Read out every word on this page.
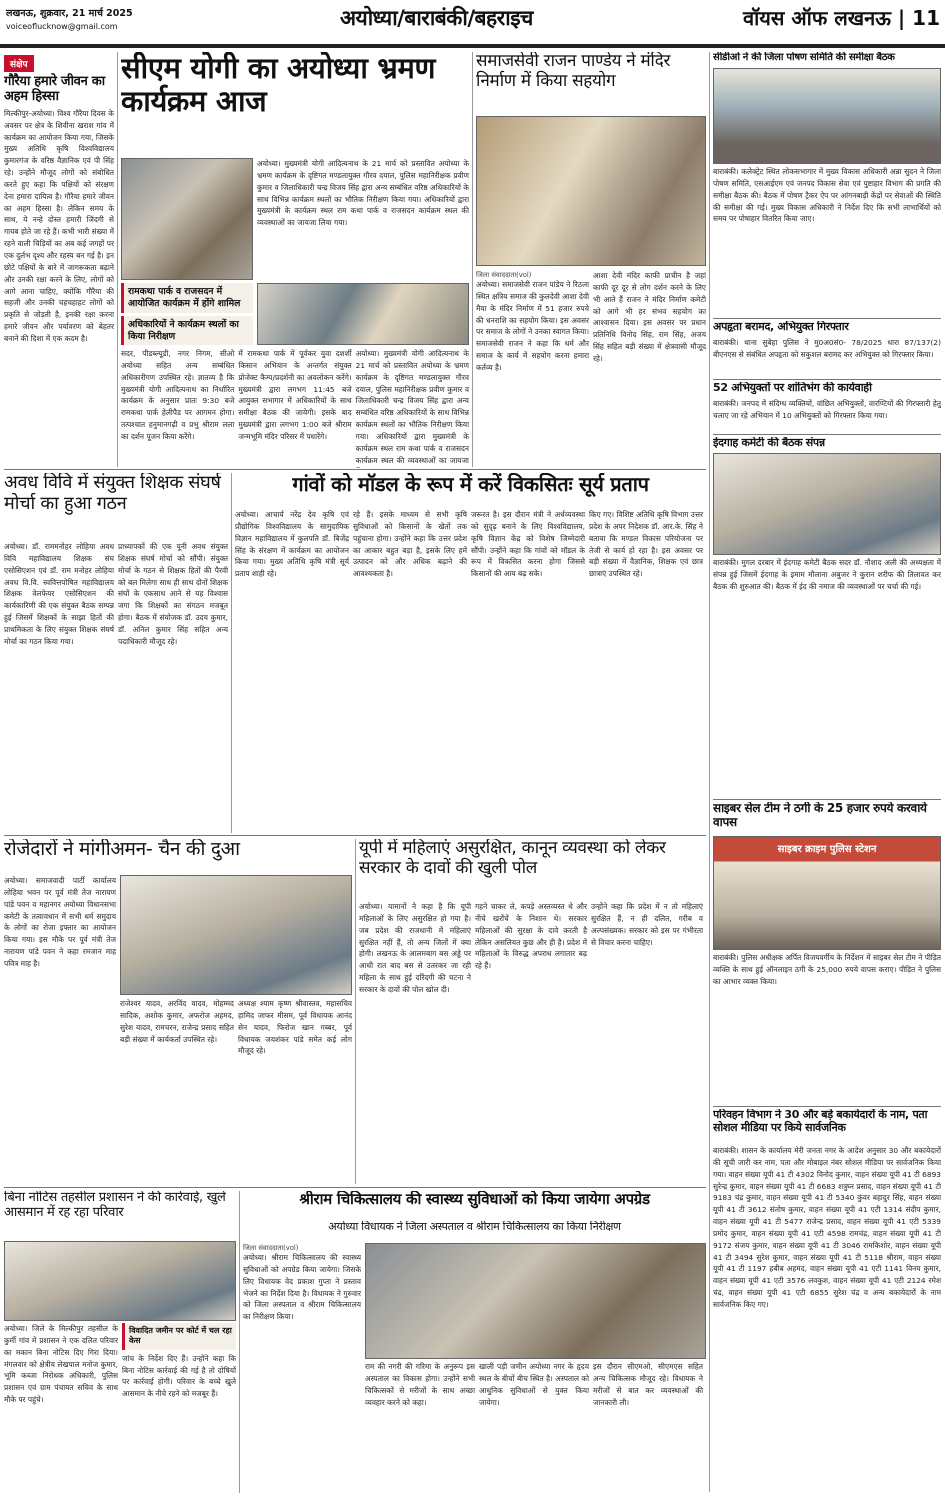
लखनऊ, शुक्रवार, 21 मार्च 2025
voiceoflucknow@gmail.com	अयोध्या/बाराबंकी/बहराइच	वॉयस ऑफ लखनऊ | 11
संक्षेप
गौरैया हमारे जीवन का अहम हिस्सा
मिल्कीपुर-अयोध्या। विश्व गौरैया दिवस के अवसर पर क्षेत्र के शिवीना खराश गांव में कार्यक्रम का आयोजन किया गया, जिसके मुख्य अतिथि कृषि विश्वविद्यालय कुमारगंज के वरिष्ठ वैज्ञानिक एवं पी सिंह रहे। उन्होंने मौजूद लोगों को संबोधित करते हुए कहा कि पक्षियों को संरक्षण देना हमारा दायित्व है। गौरैया हमारे जीवन का अहम हिस्सा है। लेकिन समय के साथ, ये नन्हे दोस्त हमारी जिंदगी से गायब होते जा रहे हैं। कभी भारी संख्या में रहने वाली चिड़ियों का अब कई जगहों पर एक दुर्लभ दृश्य और रहस्य बन गई है। इन छोटे पक्षियों के बारे में जागरूकता बढ़ाने और उनकी रक्षा करने के लिए, लोगों को आगे आना चाहिए, क्योंकि गौरैया की सहजी और उनकी चहचहाहट लोगों को प्रकृति से जोड़ती है, इनकी रक्षा करना हमारे जीवन और पर्यावरण को बेहतर बनाने की दिशा में एक कदम है।
सीएम योगी का अयोध्या भ्रमण कार्यक्रम आज
अयोध्या। मुख्यमंत्री योगी आदित्यनाथ के 21 मार्च को प्रस्तावित अयोध्या के भ्रमण कार्यक्रम के दृष्टिगत मण्डलायुक्त गौरव दयाल, पुलिस महानिरीक्षक प्रवीण कुमार व जिलाधिकारी चन्द्र विजय सिंह द्वारा अन्य सम्बंधित वरिष्ठ अधिकारियों के साथ विभिन्न कार्यक्रम स्थलों का भौतिक निरीक्षण किया गया। अधिकारियों द्वारा मुख्यमंत्री के कार्यक्रम स्थल राम कथा पार्क व राजसदन कार्यक्रम स्थल की व्यवस्थाओं का जायजा लिया गया।
रामकथा पार्क व राजसदन में आयोजित कार्यक्रम में होंगे शामिल
अधिकारियों ने कार्यक्रम स्थलों का किया निरीक्षण
सदर, पीडब्ल्यूडी, नगर निगम, सीओ अयोध्या सहित अन्य सम्बंधित अधिकारीगण उपस्थित रहे। ज्ञातव्य है कि मुख्यमंत्री योगी आदित्यनाथ का निर्धारित कार्यक्रम के अनुसार प्रातः 9:30 बजे रामकथा पार्क हेलीपैड पर आगमन होगा। तत्पश्चात हनुमानगढ़ी व प्रभु श्रीराम लला का दर्शन पूजन किया करेंगे।
में रामकथा पार्क में पूर्वकर युवा दशर्शी किसान अभियान के अन्तर्गत संयुक्त प्रोजेक्ट कैम्प/प्रदर्शनी का अवलोकन करेंगे। मुख्यमंत्री द्वारा लगभग 11:45 बजे आयुक्त सभागार में अधिकारियों के साथ समीक्षा बैठक की जायेगी। इसके बाद मुख्यमंत्री द्वारा लगभग 1:00 बजे श्रीराम जन्मभूमि मंदिर परिसर में पधारेंगे।
अयोध्या। मुख्यमंत्री योगी आदित्यनाथ के 21 मार्च को प्रस्तावित अयोध्या के भ्रमण कार्यक्रम के दृष्टिगत मण्डलायुक्त गौरव दयाल, पुलिस महानिरीक्षक प्रवीण कुमार व जिलाधिकारी चन्द्र विजय सिंह द्वारा अन्य सम्बंधित वरिष्ठ अधिकारियों के साथ विभिन्न कार्यक्रम स्थलों का भौतिक निरीक्षण किया गया। अधिकारियों द्वारा मुख्यमंत्री के कार्यक्रम स्थल राम कथा पार्क व राजसदन कार्यक्रम स्थल की व्यवस्थाओं का जायजा
समाजसेवी राजन पाण्डेय ने मंदिर निर्माण में किया सहयोग
जिला संवाददाता(vol)
अयोध्या। समाजसेवी राजन पांडेय ने रिठला स्थित क्षत्रिय समाज की कुलदेवी आशा देवी मैया के मंदिर निर्माण में 51 हजार रुपये की धनराशि का सहयोग किया। इस अवसर पर समाज के लोगों ने उनका स्वागत किया। समाजसेवी राजन ने कहा कि धर्म और समाज के कार्य में सहयोग करना हमारा कर्तव्य है।
आशा देवी मंदिर काफी प्राचीन है जहां काफी दूर दूर से लोग दर्शन करने के लिए भी आते हैं राजन ने मंदिर निर्माण कमेटी को आगे भी हर संभव सहयोग का आश्वासन दिया। इस अवसर पर प्रधान प्रतिनिधि विनोद सिंह, राम सिंह, अजय सिंह सहित बड़ी संख्या में क्षेत्रवासी मौजूद रहे।
अवध विवि में संयुक्त शिक्षक संघर्ष मोर्चा का हुआ गठन
अयोध्या। डॉ. राममनोहर लोहिया अवध विवि महाविद्यालय शिक्षक संघ एसोसिएशन एवं डॉ. राम मनोहर लोहिया अवध वि.वि. स्ववित्तपोषित महाविद्यालय शिक्षक वेलफेयर एसोसिएशन की कार्यकारिणी की एक संयुक्त बैठक सम्पन्न हुई जिसमें शिक्षकों के साझा हितों की प्राथमिकता के लिए संयुक्त शिक्षक संघर्ष मोर्चा का गठन किया गया।
प्राध्यापकों की एक यूनी अवध संयुक्त शिक्षक संघर्ष मोर्चा को सौंपी। संयुक्त मोर्चा के गठन से शिक्षक हितों की पैरवी को बल मिलेगा साथ ही साथ दोनों शिक्षक संघों के एकसाथ आने से यह विश्वास जगा कि शिक्षकों का संगठन मजबूत होगा। बैठक में संयोजक डॉ. उदय कुमार, डॉ. अनिल कुमार सिंह सहित अन्य पदाधिकारी मौजूद रहे।
गांवों को मॉडल के रूप में करें विकसितः सूर्य प्रताप
अयोध्या। आचार्य नरेंद्र देव कृषि एवं प्रौद्योगिक विश्वविद्यालय के सामुदायिक विज्ञान महाविद्यालय में कुलपति डॉ. बिजेंद्र सिंह के संरक्षण में कार्यक्रम का आयोजन किया गया। मुख्य अतिथि कृषि मंत्री सूर्य प्रताप शाही रहे।
रहे हैं। इसके माध्यम से सभी कृषि सुविधाओं को किसानों के खेतों तक पहुंचाना होगा। उन्होंने कहा कि उत्तर प्रदेश का आकार बहुत बड़ा है, इसके लिए हमें उत्पादन को और अधिक बढ़ाने की आवश्यकता है।
जरूरत है। इस दौरान मंत्री ने अर्धव्यवस्था को सुदृढ़ बनाने के लिए विश्वविद्यालय, कृषि विज्ञान केंद्र को विशेष जिम्मेदारी सौंपी। उन्होंने कहा कि गांवों को मॉडल के रूप में विकसित करना होगा जिससे किसानों की आय बढ़ सके।
किए गए। विशिष्ट अतिथि कृषि विभाग उत्तर प्रदेश के अपर निदेशक डॉ. आर.के. सिंह ने बताया कि मण्डल विकास परियोजना पर तेजी से कार्य हो रहा है। इस अवसर पर बड़ी संख्या में वैज्ञानिक, शिक्षक एवं छात्र छात्राएं उपस्थित रहे।
रोजेदारों ने मांगीअमन- चैन की दुआ
अयोध्या। समाजवादी पार्टी कार्यालय लोहिया भवन पर पूर्व मंत्री तेज नारायण पांडे पवन व महानगर अयोध्या विधानसभा कमेटी के तत्वावधान में सभी धर्म समुदाय के लोगों का रोजा इफ्तार का आयोजन किया गया। इस मौके पर पूर्व मंत्री तेज नारायण पांडे पवन ने कहा रमजान माह पवित्र माह है।
राजेश्वर यादव, अरविंद यादव, मोहम्मद सादिक, अशोक कुमार, अफरोज अहमद, सुरेश यादव, रामचरन, राजेन्द्र प्रसाद सहित बड़ी संख्या में कार्यकर्ता उपस्थित रहे।
अध्यक्ष श्याम कृष्ण श्रीवास्तव, महासचिव हामिद जाफर मीसम, पूर्व विधायक आनंद सेन यादव, फिरोज खान गब्बर, पूर्व विधायक जयशंकर पांडे समेत कई लोग मौजूद रहे।
यूपी में महिलाएं असुरक्षित, कानून व्यवस्था को लेकर सरकार के दावों की खुली पोल
अयोध्या। यामानों ने कहा है कि यूपी महिलाओं के लिए असुरक्षित हो गया है। जब प्रदेश की राजधानी में महिलाएं सुरक्षित नहीं हैं, तो अन्य जिलों में क्या होगी। लखनऊ के आलमबाग बस अड्डे पर आधी रात बाद बस से उतरकर जा रही महिला के साथ हुई दरिंदगी की घटना ने सरकार के दावों की पोल खोल दी।
गहने चाकर ले, कपड़े अस्तव्यस्त थे और नीचे खरोंचें के निशान थे। सरकार महिलाओं की सुरक्षा के दावे करती है लेकिन असलियत कुछ और ही है। प्रदेश में महिलाओं के विरुद्ध अपराध लगातार बढ़ रहे हैं।
उन्होंने कहा कि प्रदेश में न तो महिलाएं सुरक्षित हैं, न ही दलित, गरीब व अल्पसंख्यक। सरकार को इस पर गंभीरता से विचार करना चाहिए।
बिना नोटिस तहसील प्रशासन ने की कार्रवाई, खुले आसमान में रह रहा परिवार
अयोध्या। जिले के मिल्कीपुर तहसील के कुर्मी गांव में प्रशासन ने एक दलित परिवार का मकान बिना नोटिस दिए गिरा दिया। मंगलवार को क्षेत्रीय लेखपाल मनोज कुमार, भूमि कब्जा निरोधक अधिकारी, पुलिस प्रशासन एवं ग्राम पंचायत सचिव के साथ मौके पर पहुंचे।
विवादित जमीन पर कोर्ट में चल रहा केस
जांच के निर्देश दिए हैं। उन्होंने कहा कि बिना नोटिस कार्रवाई की गई है तो दोषियों पर कार्रवाई होगी। परिवार के बच्चे खुले आसमान के नीचे रहने को मजबूर हैं।
श्रीराम चिकित्सालय की स्वास्थ्य सुविधाओं को किया जायेगा अपग्रेड
अयोध्या विधायक ने जिला अस्पताल व श्रीराम चिकित्सालय का किया निरीक्षण
जिला संवाददाता(vol)
अयोध्या। श्रीराम चिकित्सालय की स्वास्थ्य सुविधाओं को अपग्रेड किया जायेगा। जिसके लिए विधायक वेद प्रकाश गुप्ता ने प्रस्ताव भेजने का निर्देश दिया है। विधायक ने गुरुवार को जिला अस्पताल व श्रीराम चिकित्सालय का निरीक्षण किया।
राम की नगरी की गरिमा के अनुरूप इस अस्पताल का विकास होगा। उन्होंने सभी चिकित्सकों से मरीजों के साथ अच्छा व्यवहार करने को कहा।
खाली पड़ी जमीन अयोध्या नगर के हृदय स्थल के बीचों बीच स्थित है। अस्पताल को आधुनिक सुविधाओं से युक्त किया जायेगा।
इस दौरान सीएमओ, सीएमएस सहित अन्य चिकित्सक मौजूद रहे। विधायक ने मरीजों से बात कर व्यवस्थाओं की जानकारी ली।
सीडीओ ने की जिला पोषण समिति की समीक्षा बैठक
बाराबंकी। कलेक्ट्रेट स्थित लोकसभागार में मुख्य विकास अधिकारी अन्ना सुदन ने जिला पोषण समिति, एसआईएम एवं जनपद विकास सेवा एवं पुष्टाहार विभाग की प्रगति की समीक्षा बैठक की। बैठक में पोषण ट्रैकर ऐप पर आंगनबाड़ी केंद्रों पर सेवाओं की स्थिति की समीक्षा की गई। मुख्य विकास अधिकारी ने निर्देश दिए कि सभी लाभार्थियों को समय पर पोषाहार वितरित किया जाए।
अपहृता बरामद, अभियुक्त गिरफ्तार
बाराबंकी। थाना सुबेहा पुलिस ने मु0अ0सं0- 78/2025 धारा 87/137(2) बीएनएस से संबंधित अपहृता को सकुशल बरामद कर अभियुक्त को गिरफ्तार किया।
52 अभियुक्तों पर शांतिभंग की कार्यवाही
बाराबंकी। जनपद में संदिग्ध व्यक्तियों, वांछित अभियुक्तों, वारण्टियों की गिरफ्तारी हेतु चलाए जा रहे अभियान में 10 अभियुक्तों को गिरफ्तार किया गया।
ईदगाह कमेटी की बैठक संपन्न
बाराबंकी। मुगल दरबार में ईदगाह कमेटी बैठक सदर डॉ. नौशाद अली की अध्यक्षता में संपन्न हुई जिसमें ईदगाह के इमाम मौलाना अबुजर ने कुरान शरीफ की तिलावत कर बैठक की शुरुआत की। बैठक में ईद की नमाज की व्यवस्थाओं पर चर्चा की गई।
साइबर सेल टीम ने ठगी के 25 हजार रुपये करवाये वापस
साइबर क्राइम पुलिस स्टेशन
बाराबंकी। पुलिस अधीक्षक अर्पित विजयवर्गीय के निर्देशन में साइबर सेल टीम ने पीड़ित व्यक्ति के साथ हुई ऑनलाइन ठगी के 25,000 रुपये वापस कराए। पीड़ित ने पुलिस का आभार व्यक्त किया।
परिवहन विभाग ने 30 और बड़े बकायेदारों के नाम, पता सोशल मीडिया पर किये सार्वजनिक
बाराबंकी। शासन के कार्यालय मेरी जनता नगर के आदेश अनुसार 30 और बकायेदारों की सूची जारी कर नाम, पता और मोबाइल नंबर सोशल मीडिया पर सार्वजनिक किया गया। वाहन संख्या यूपी 41 टी 4302 विनोद कुमार, वाहन संख्या यूपी 41 टी 6893 सुरेन्द्र कुमार, वाहन संख्या यूपी 41 टी 6683 शत्रुघ्न प्रसाद, वाहन संख्या यूपी 41 टी 9183 चंद्र कुमार, वाहन संख्या यूपी 41 टी 5340 कुंवर बहादुर सिंह, वाहन संख्या यूपी 41 टी 3612 संतोष कुमार, वाहन संख्या यूपी 41 एटी 1314 संदीप कुमार, वाहन संख्या यूपी 41 टी 5477 राजेन्द्र प्रसाद, वाहन संख्या यूपी 41 एटी 5339 प्रमोद कुमार, वाहन संख्या यूपी 41 एटी 4598 रामचंद्र, वाहन संख्या यूपी 41 टी 9172 संजय कुमार, वाहन संख्या यूपी 41 टी 3046 रामकिशोर, वाहन संख्या यूपी 41 टी 3494 सुरेश कुमार, वाहन संख्या यूपी 41 टी 5118 श्रीराम, वाहन संख्या यूपी 41 टी 1197 हबीब अहमद, वाहन संख्या यूपी 41 एटी 1141 विनय कुमार, वाहन संख्या यूपी 41 एटी 3576 लवकुश, वाहन संख्या यूपी 41 एटी 2124 रमेश चंद्र, वाहन संख्या यूपी 41 एटी 6855 सुरेश चंद्र व अन्य बकायेदारों के नाम सार्वजनिक किए गए।
